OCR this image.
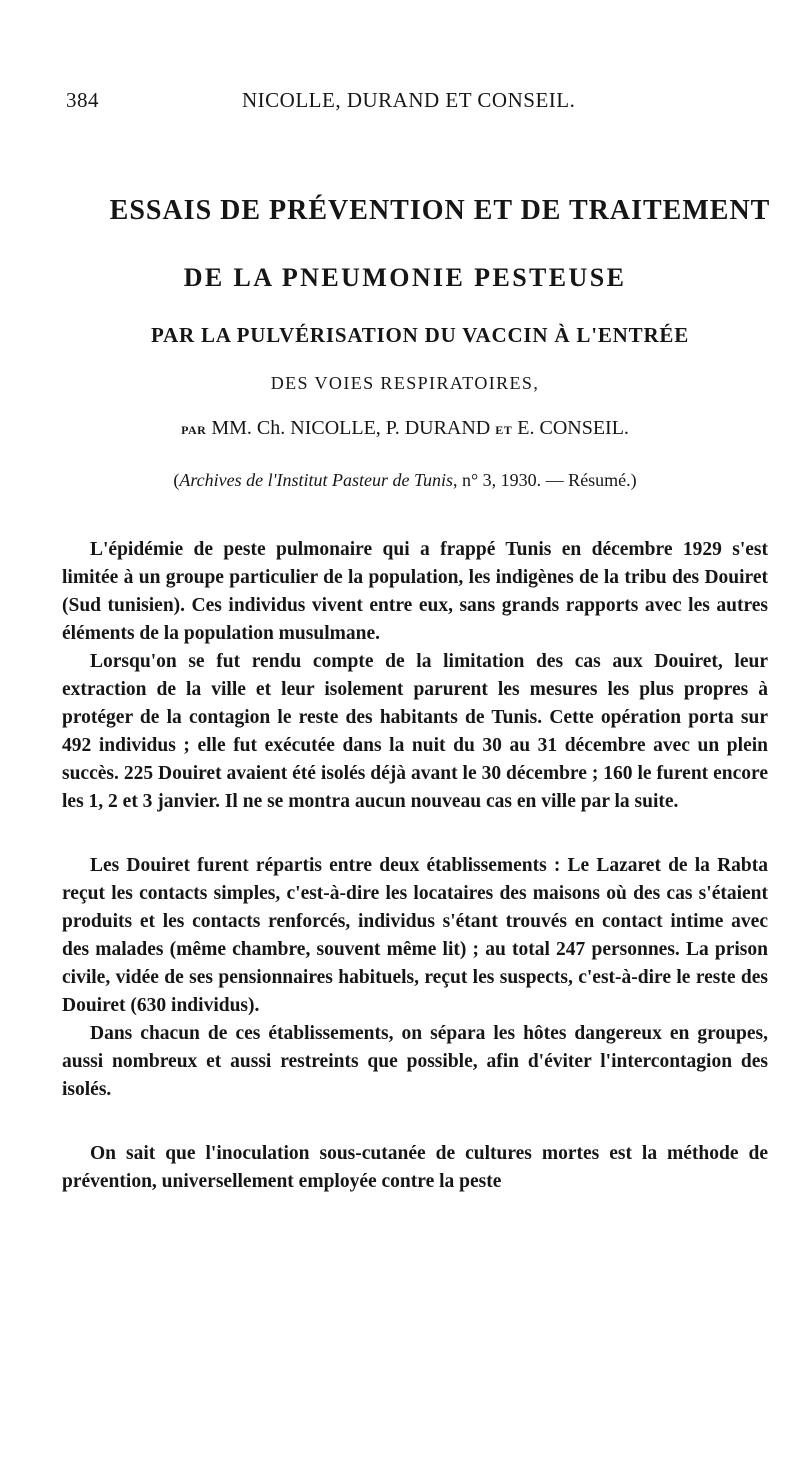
384	NICOLLE, DURAND ET CONSEIL.
ESSAIS DE PRÉVENTION ET DE TRAITEMENT
DE LA PNEUMONIE PESTEUSE
PAR LA PULVÉRISATION DU VACCIN À L'ENTRÉE
DES VOIES RESPIRATOIRES,
PAR MM. Ch. NICOLLE, P. DURAND ET E. CONSEIL.
(Archives de l'Institut Pasteur de Tunis, n° 3, 1930. — Résumé.)

L'épidémie de peste pulmonaire qui a frappé Tunis en décembre 1929 s'est limitée à un groupe particulier de la population, les indigènes de la tribu des Douiret (Sud tunisien). Ces individus vivent entre eux, sans grands rapports avec les autres éléments de la population musulmane.

Lorsqu'on se fut rendu compte de la limitation des cas aux Douiret, leur extraction de la ville et leur isolement parurent les mesures les plus propres à protéger de la contagion le reste des habitants de Tunis. Cette opération porta sur 492 individus ; elle fut exécutée dans la nuit du 30 au 31 décembre avec un plein succès. 225 Douiret avaient été isolés déjà avant le 30 décembre ; 160 le furent encore les 1, 2 et 3 janvier. Il ne se montra aucun nouveau cas en ville par la suite.

Les Douiret furent répartis entre deux établissements : Le Lazaret de la Rabta reçut les contacts simples, c'est-à-dire les locataires des maisons où des cas s'étaient produits et les contacts renforcés, individus s'étant trouvés en contact intime avec des malades (même chambre, souvent même lit) ; au total 247 personnes. La prison civile, vidée de ses pensionnaires habituels, reçut les suspects, c'est-à-dire le reste des Douiret (630 individus).

Dans chacun de ces établissements, on sépara les hôtes dangereux en groupes, aussi nombreux et aussi restreints que possible, afin d'éviter l'intercontagion des isolés.

On sait que l'inoculation sous-cutanée de cultures mortes est la méthode de prévention, universellement employée contre la peste
